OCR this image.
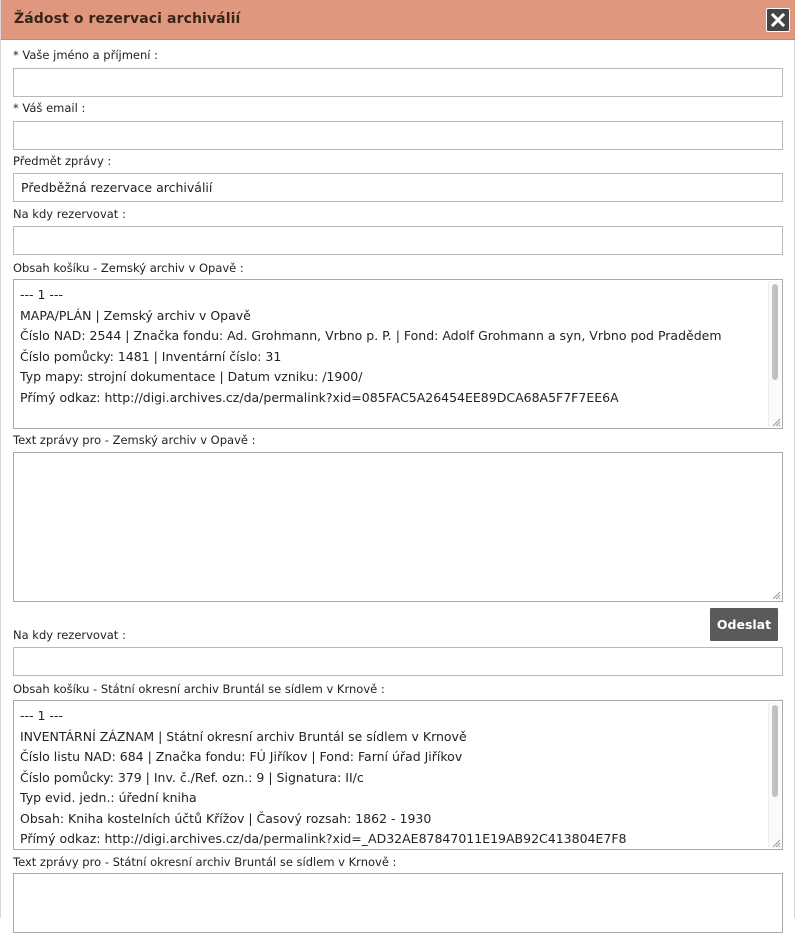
Žádost o rezervaci archiválií
* Vaše jméno a příjmení :
* Váš email :
Předmět zprávy :
Předběžná rezervace archiválií
Na kdy rezervovat :
Obsah košíku - Zemský archiv v Opavě :
--- 1 ---
MAPA/PLÁN | Zemský archiv v Opavě
Číslo NAD: 2544 | Značka fondu: Ad. Grohmann, Vrbno p. P. | Fond: Adolf Grohmann a syn, Vrbno pod Pradědem
Číslo pomůcky: 1481 | Inventární číslo: 31
Typ mapy: strojní dokumentace | Datum vzniku: /1900/
Přímý odkaz: http://digi.archives.cz/da/permalink?xid=085FAC5A26454EE89DCA68A5F7F7EE6A
Text zprávy pro - Zemský archiv v Opavě :
Odeslat
Na kdy rezervovat :
Obsah košíku - Státní okresní archiv Bruntál se sídlem v Krnově :
--- 1 ---
INVENTÁRNÍ ZÁZNAM | Státní okresní archiv Bruntál se sídlem v Krnově
Číslo listu NAD: 684 | Značka fondu: FÚ Jiříkov | Fond: Farní úřad Jiříkov
Číslo pomůcky: 379 | Inv. č./Ref. ozn.: 9 | Signatura: II/c
Typ evid. jedn.: úřední kniha
Obsah: Kniha kostelních účtů Křížov | Časový rozsah: 1862 - 1930
Přímý odkaz: http://digi.archives.cz/da/permalink?xid=_AD32AE87847011E19AB92C413804E7F8
Text zprávy pro - Státní okresní archiv Bruntál se sídlem v Krnově :
